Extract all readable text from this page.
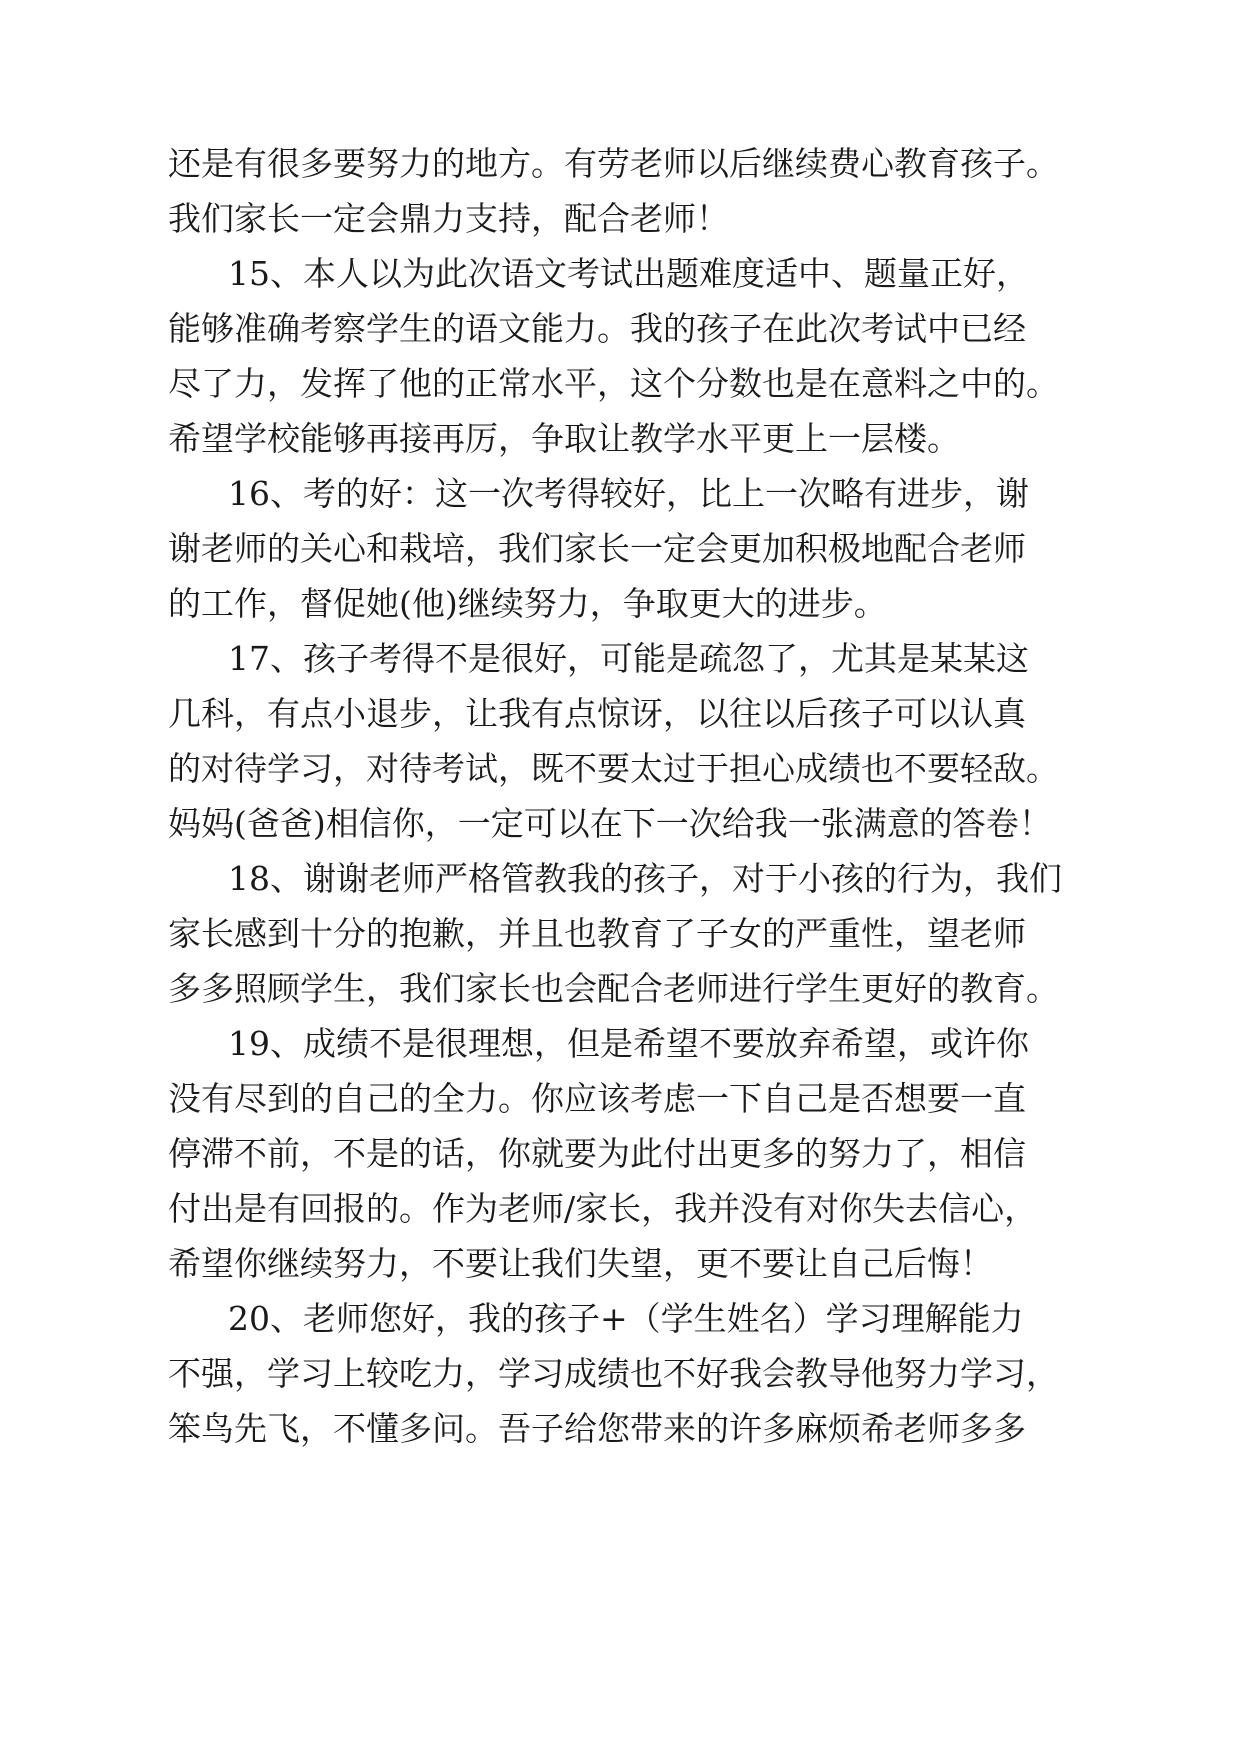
还是有很多要努力的地方。有劳老师以后继续费心教育孩子。

我们家长一定会鼎力支持，配合老师！

15、本人以为此次语文考试出题难度适中、题量正好，

能够准确考察学生的语文能力。我的孩子在此次考试中已经

尽了力，发挥了他的正常水平，这个分数也是在意料之中的。

希望学校能够再接再厉，争取让教学水平更上一层楼。

16、考的好：这一次考得较好，比上一次略有进步，谢

谢老师的关心和栽培，我们家长一定会更加积极地配合老师

的工作，督促她(他)继续努力，争取更大的进步。

17、孩子考得不是很好，可能是疏忽了，尤其是某某这

几科，有点小退步，让我有点惊讶，以往以后孩子可以认真

的对待学习，对待考试，既不要太过于担心成绩也不要轻敌。

妈妈(爸爸)相信你，一定可以在下一次给我一张满意的答卷！

18、谢谢老师严格管教我的孩子，对于小孩的行为，我们

家长感到十分的抱歉，并且也教育了子女的严重性，望老师

多多照顾学生，我们家长也会配合老师进行学生更好的教育。

19、成绩不是很理想，但是希望不要放弃希望，或许你

没有尽到的自己的全力。你应该考虑一下自己是否想要一直

停滞不前，不是的话，你就要为此付出更多的努力了，相信

付出是有回报的。作为老师/家长，我并没有对你失去信心，

希望你继续努力，不要让我们失望，更不要让自己后悔！

20、老师您好，我的孩子+（学生姓名）学习理解能力

不强，学习上较吃力，学习成绩也不好我会教导他努力学习，

笨鸟先飞，不懂多问。吾子给您带来的许多麻烦希老师多多
